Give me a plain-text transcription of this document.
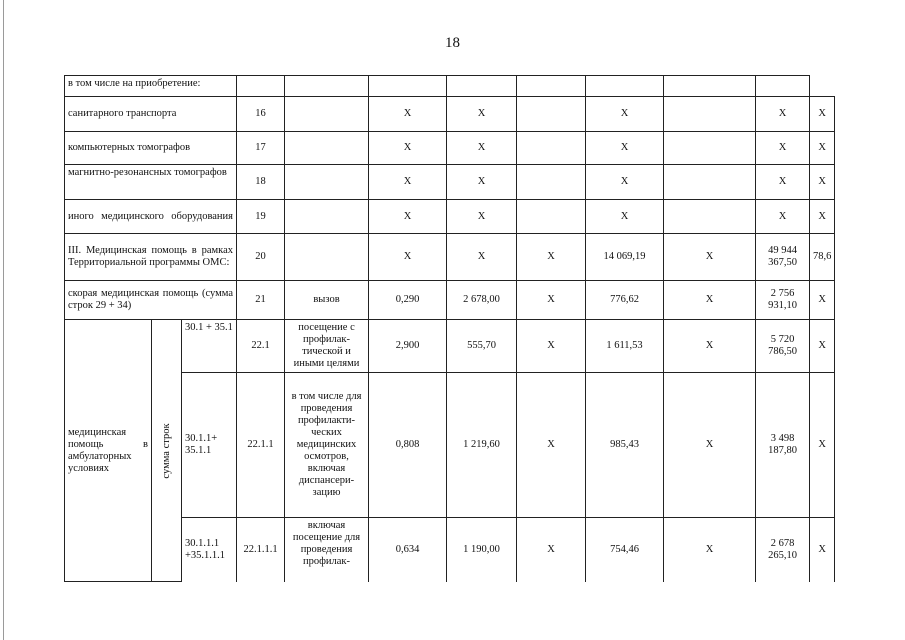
18
в том числе на приобретение:											
санитарного транспорта			16		X	X		X		X	X
компьютерных томографов			17		X	X		X		X	X
магнитно-резонансных томографов			18		X	X		X		X	X
иного медицинского оборудования			19		X	X		X		X	X
III. Медицинская помощь в рамках Территориальной программы ОМС:			20		X	X	X	14 069,19	X	49 944 367,50	78,6
скорая медицинская помощь (сумма строк 29 + 34)			21	вызов	0,290	2 678,00	X	776,62	X	2 756 931,10	X
медицинская помощь в амбулаторных условиях	сумма строк	30.1 + 35.1	22.1	посещение с профилак-тической и иными целями	2,900	555,70	X	1 611,53	X	5 720 786,50	X
		30.1.1+ 35.1.1	22.1.1	в том числе для проведения профилакти-ческих медицинских осмотров, включая диспансери-зацию	0,808	1 219,60	X	985,43	X	3 498 187,80	X
		30.1.1.1 +35.1.1.1	22.1.1.1	включая посещение для проведения профилак-	0,634	1 190,00	X	754,46	X	2 678 265,10	X
